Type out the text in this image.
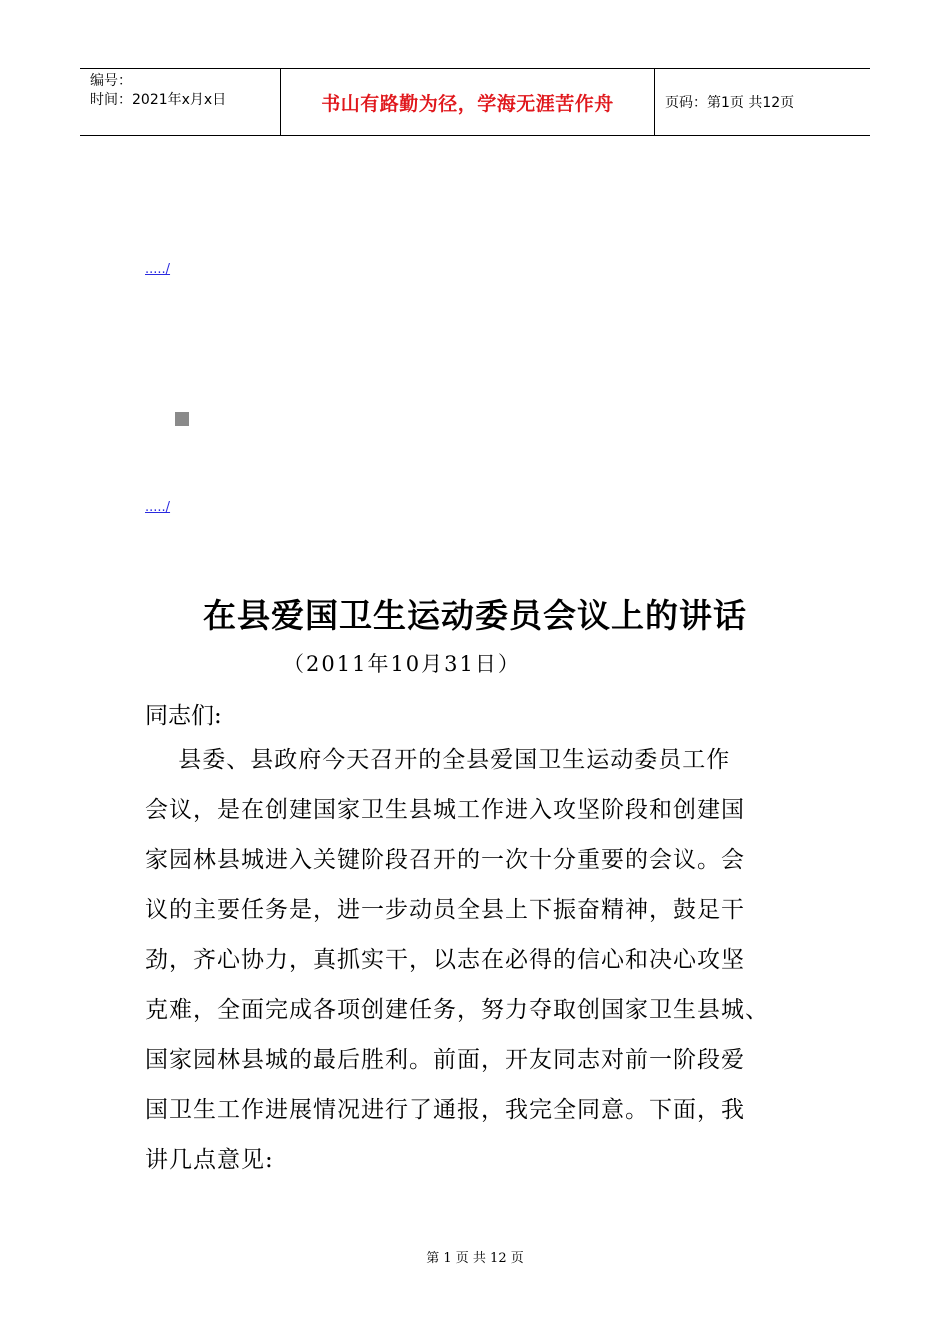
编号：
时间：2021年x月x日	书山有路勤为径，学海无涯苦作舟	页码：第1页 共12页
...../
...../
在县爱国卫生运动委员会议上的讲话
（2011年10月31日）
同志们:
县委、县政府今天召开的全县爱国卫生运动委员工作
会议，是在创建国家卫生县城工作进入攻坚阶段和创建国
家园林县城进入关键阶段召开的一次十分重要的会议。会
议的主要任务是，进一步动员全县上下振奋精神，鼓足干
劲，齐心协力，真抓实干，以志在必得的信心和决心攻坚
克难，全面完成各项创建任务，努力夺取创国家卫生县城、
国家园林县城的最后胜利。前面，开友同志对前一阶段爱
国卫生工作进展情况进行了通报，我完全同意。下面，我
讲几点意见:
第 1 页 共 12 页
